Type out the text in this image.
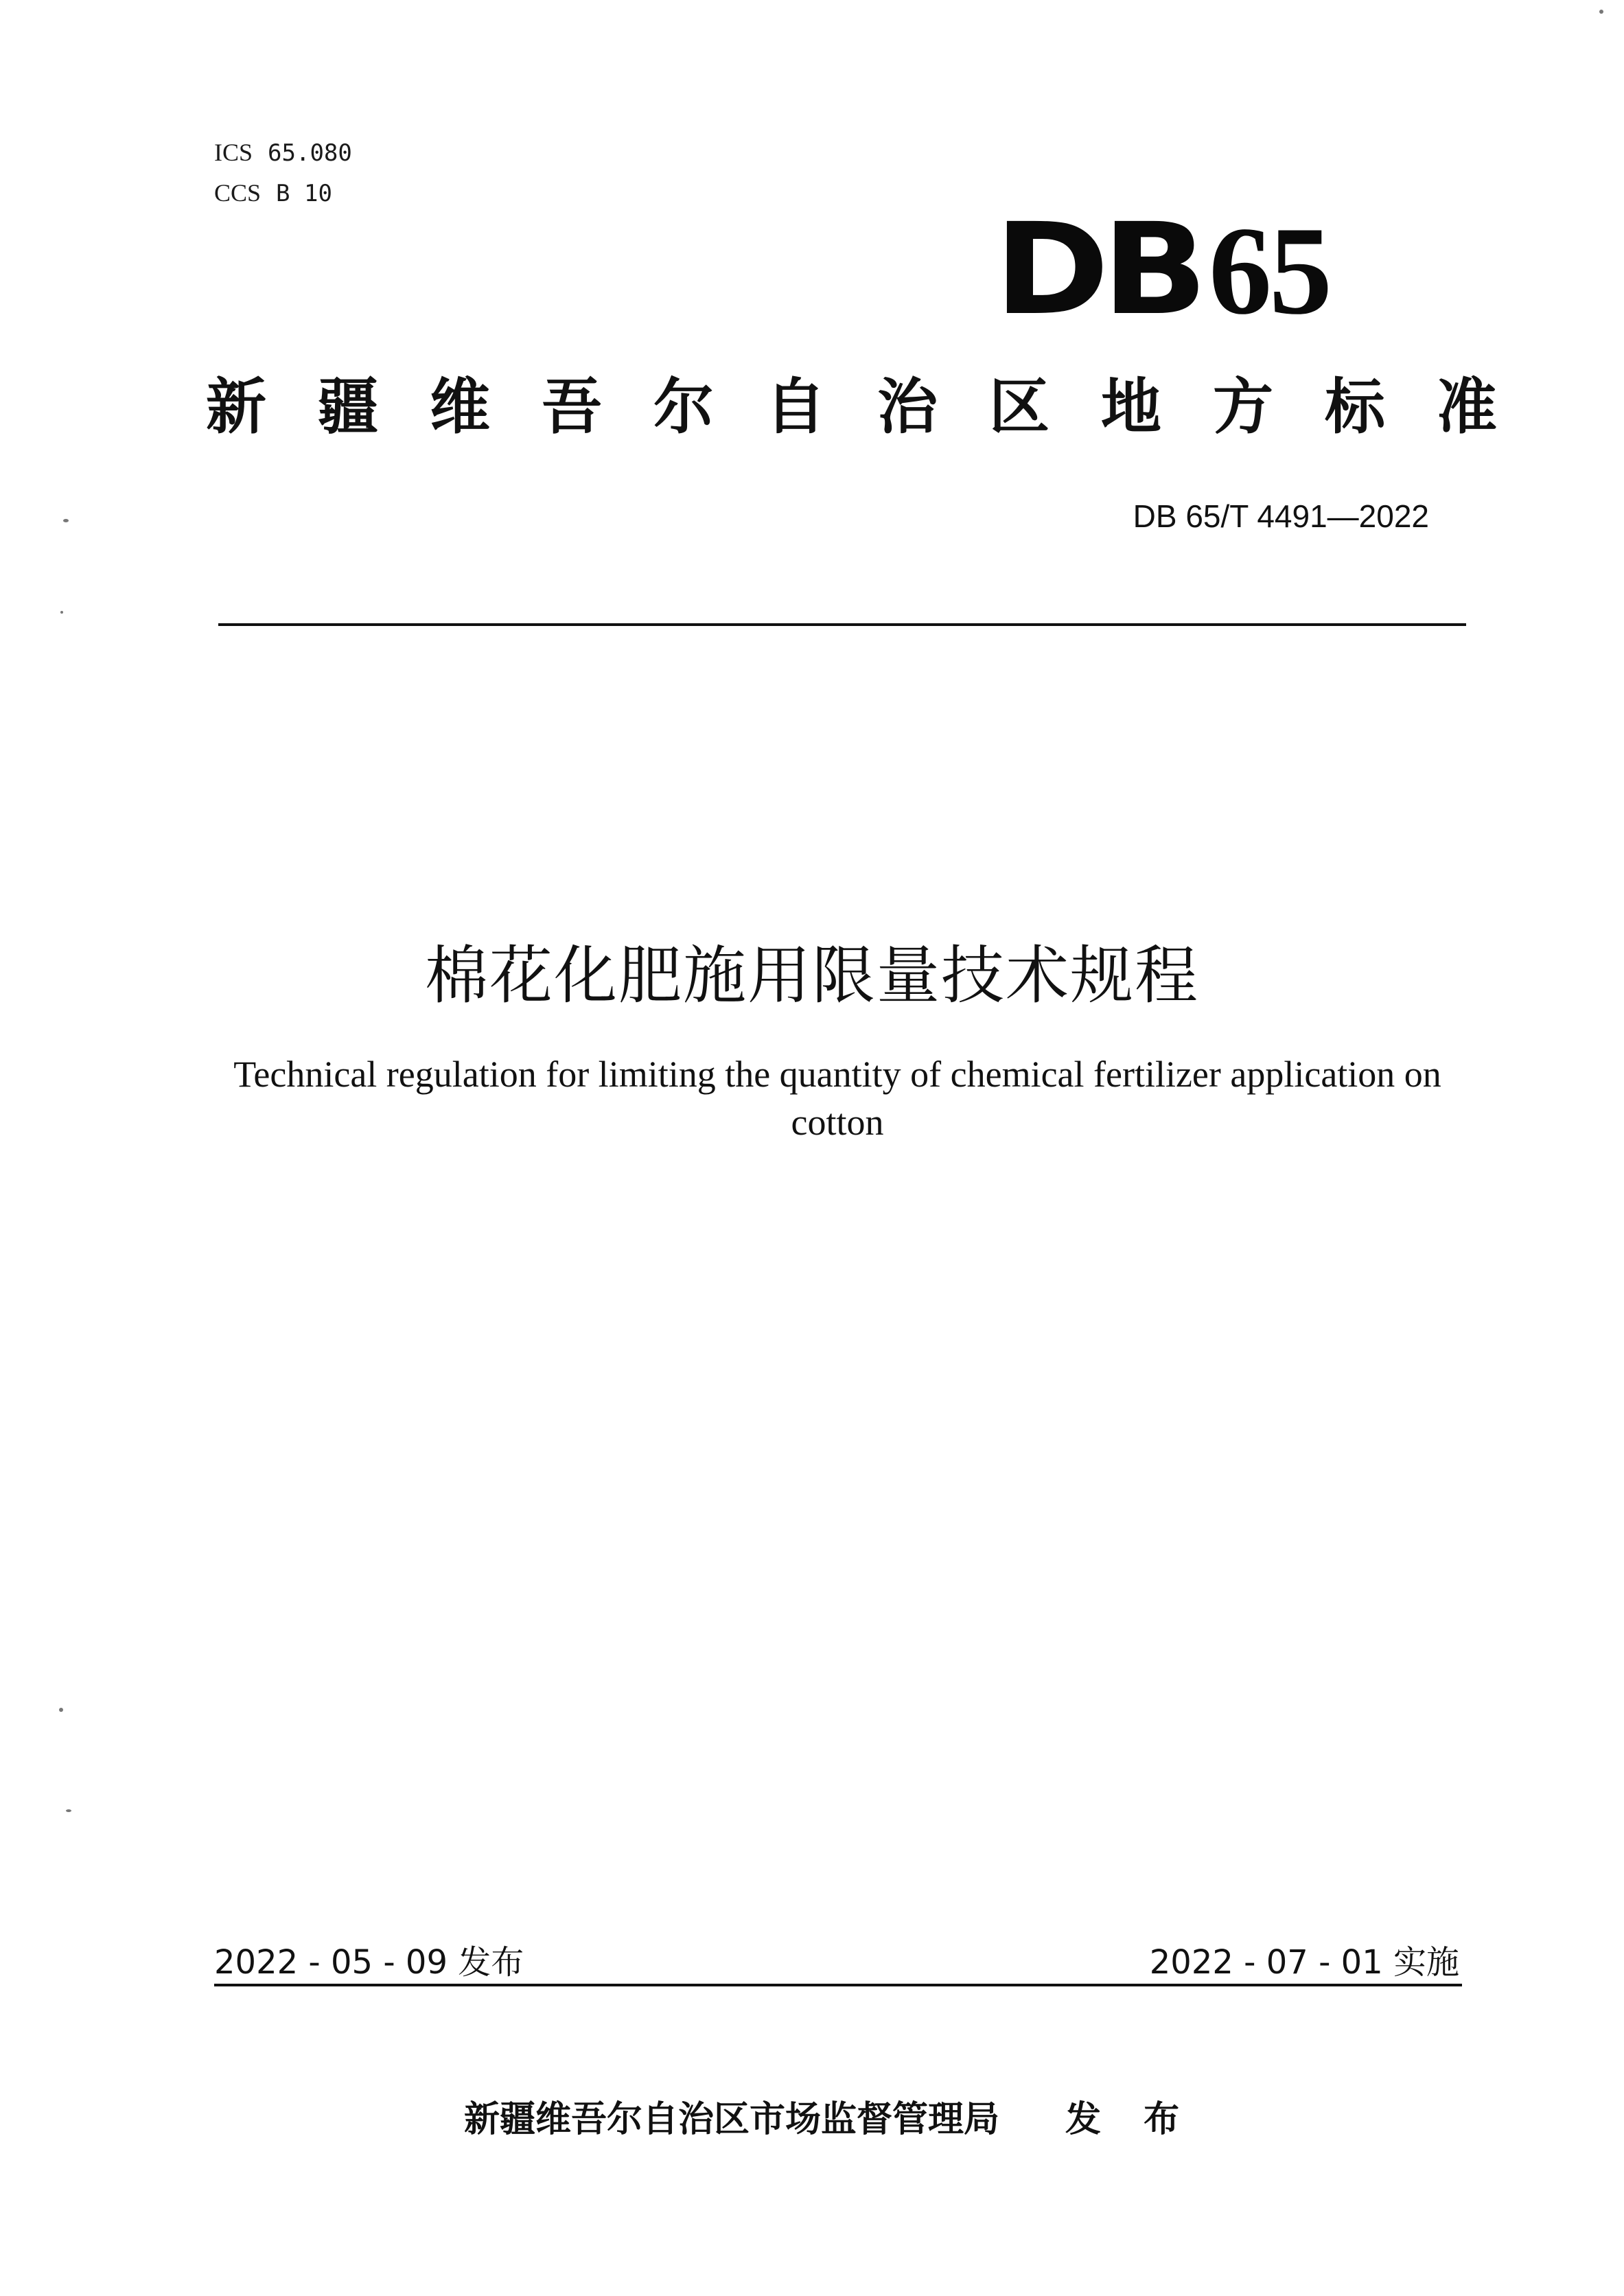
ICS 65.080
CCS B 10
DB65
新疆维吾尔自治区地方标准
DB 65/T 4491—2022
棉花化肥施用限量技术规程
Technical regulation for limiting the quantity of chemical fertilizer application on cotton
2022 - 05 - 09 发布	2022 - 07 - 01 实施
新疆维吾尔自治区市场监督管理局 发 布
